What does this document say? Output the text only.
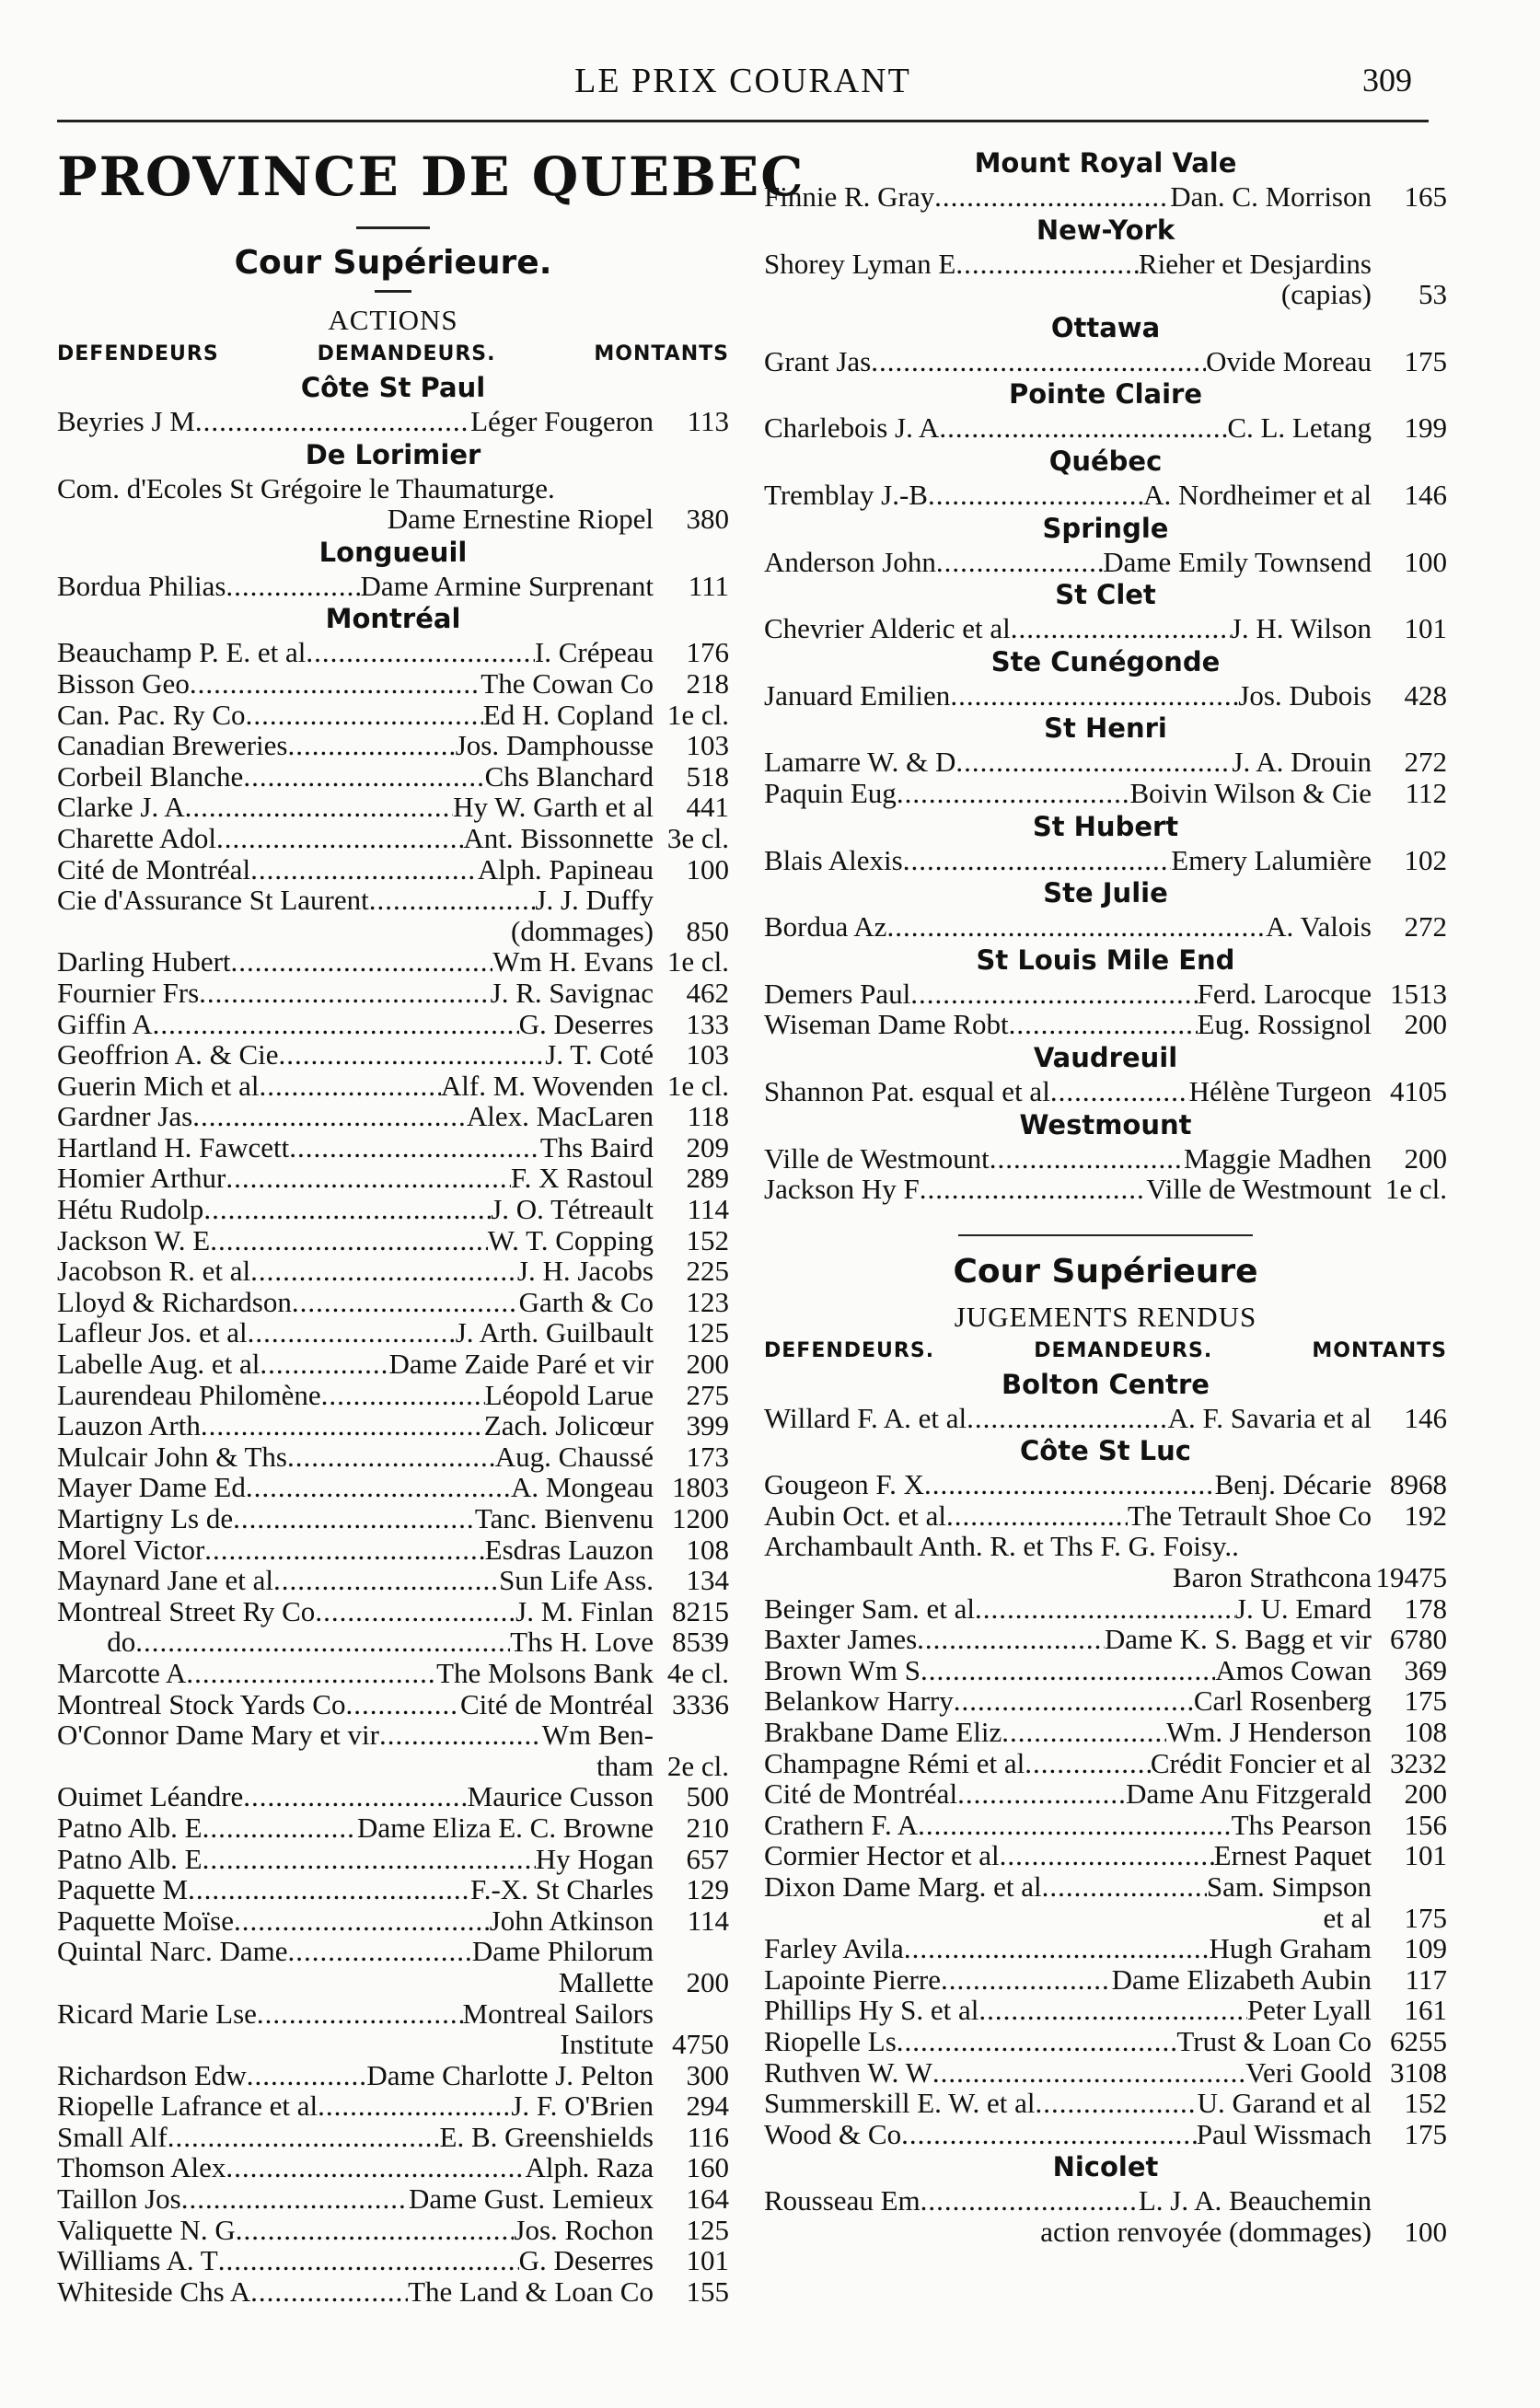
LE PRIX COURANT	309
PROVINCE DE QUEBEC
Cour Supérieure.
ACTIONS
DEFENDEURS	DEMANDEURS.	MONTANTS
Côte St Paul
Beyries J M .....	Léger Fougeron	113
De Lorimier
Com. d'Ecoles St Grégoire le Thaumaturge.
Dame Ernestine Riopel	380
Longueuil
Bordua Philias .....	Dame Armine Surprenant	111
Montréal
Beauchamp P. E. et al .....	I. Crépeau	176
Bisson Geo .....	The Cowan Co	218
Can. Pac. Ry Co .....	Ed H. Copland 1e cl.
Canadian Breweries .....	Jos. Damphousse	103
Corbeil Blanche .....	Chs Blanchard	518
Clarke J. A .....	Hy W. Garth et al	441
Charette Adol .....	Ant. Bissonnette 3e cl.
Cité de Montréal .....	Alph. Papineau	100
Cie d'Assurance St Laurent .....	J. J. Duffy
(dommages)	850
Darling Hubert .....	Wm H. Evans 1e cl.
Fournier Frs .....	J. R. Savignac	462
Giffin A .....	G. Deserres	133
Geoffrion A. & Cie .....	J. T. Coté	103
Guerin Mich et al .....	Alf. M. Wovenden 1e cl.
Gardner Jas .....	Alex. MacLaren	118
Hartland H. Fawcett .....	Ths Baird	209
Homier Arthur .....	F. X Rastoul	289
Hétu Rudolp .....	J. O. Tétreault	114
Jackson W. E .....	W. T. Copping	152
Jacobson R. et al .....	J. H. Jacobs	225
Lloyd & Richardson .....	Garth & Co	123
Lafleur Jos. et al .....	J. Arth. Guilbault	125
Labelle Aug. et al .....	Dame Zaide Paré et vir	200
Laurendeau Philomène .....	Léopold Larue	275
Lauzon Arth .....	Zach. Jolicœur	399
Mulcair John & Ths .....	Aug. Chaussé	173
Mayer Dame Ed .....	A. Mongeau 1803
Martigny Ls de .....	Tanc. Bienvenu 1200
Morel Victor .....	Esdras Lauzon	108
Maynard Jane et al .....	Sun Life Ass.	134
Montreal Street Ry Co .....	J. M. Finlan 8215
do .....	Ths H. Love 8539
Marcotte A .....	The Molsons Bank 4e cl.
Montreal Stock Yards Co .....	Cité de Montréal 3336
O'Connor Dame Mary et vir .....	Wm Ben-
tham 2e cl.
Ouimet Léandre .....	Maurice Cusson	500
Patno Alb. E .....	Dame Eliza E. C. Browne	210
Patno Alb. E .....	Hy Hogan	657
Paquette M .....	F.-X. St Charles	129
Paquette Moïse .....	John Atkinson	114
Quintal Narc. Dame .....	Dame Philorum
Mallette	200
Ricard Marie Lse .....	Montreal Sailors
Institute 4750
Richardson Edw .....	Dame Charlotte J. Pelton	300
Riopelle Lafrance et al .....	J. F. O'Brien	294
Small Alf .....	E. B. Greenshields	116
Thomson Alex .....	Alph. Raza	160
Taillon Jos .....	Dame Gust. Lemieux	164
Valiquette N. G .....	Jos. Rochon	125
Williams A. T .....	G. Deserres	101
Whiteside Chs A .....	The Land & Loan Co	155
Mount Royal Vale
Finnie R. Gray .....	Dan. C. Morrison	165
New-York
Shorey Lyman E .....	Rieher et Desjardins
(capias)	53
Ottawa
Grant Jas .....	Ovide Moreau	175
Pointe Claire
Charlebois J. A .....	C. L. Letang	199
Québec
Tremblay J.-B .....	A. Nordheimer et al	146
Springle
Anderson John .....	Dame Emily Townsend	100
St Clet
Chevrier Alderic et al .....	J. H. Wilson	101
Ste Cunégonde
Januard Emilien .....	Jos. Dubois	428
St Henri
Lamarre W. & D .....	J. A. Drouin	272
Paquin Eug .....	Boivin Wilson & Cie	112
St Hubert
Blais Alexis .....	Emery Lalumière	102
Ste Julie
Bordua Az .....	A. Valois	272
St Louis Mile End
Demers Paul .....	Ferd. Larocque 1513
Wiseman Dame Robt .....	Eug. Rossignol	200
Vaudreuil
Shannon Pat. esqual et al .....	Hélène Turgeon 4105
Westmount
Ville de Westmount .....	Maggie Madhen	200
Jackson Hy F .....	Ville de Westmount 1e cl.
Cour Supérieure
JUGEMENTS RENDUS
DEFENDEURS.	DEMANDEURS.	MONTANTS
Bolton Centre
Willard F. A. et al .....	A. F. Savaria et al	146
Côte St Luc
Gougeon F. X .....	Benj. Décarie 8968
Aubin Oct. et al .....	The Tetrault Shoe Co	192
Archambault Anth. R. et Ths F. G. Foisy..
Baron Strathcona 19475
Beinger Sam. et al .....	J. U. Emard	178
Baxter James .....	Dame K. S. Bagg et vir 6780
Brown Wm S .....	Amos Cowan	369
Belankow Harry .....	Carl Rosenberg	175
Brakbane Dame Eliz .....	Wm. J Henderson	108
Champagne Rémi et al .....	Crédit Foncier et al 3232
Cité de Montréal .....	Dame Anu Fitzgerald	200
Crathern F. A .....	Ths Pearson	156
Cormier Hector et al .....	Ernest Paquet	101
Dixon Dame Marg. et al .....	Sam. Simpson
et al	175
Farley Avila .....	Hugh Graham	109
Lapointe Pierre .....	Dame Elizabeth Aubin	117
Phillips Hy S. et al .....	Peter Lyall	161
Riopelle Ls .....	Trust & Loan Co 6255
Ruthven W. W .....	Veri Goold 3108
Summerskill E. W. et al .....	U. Garand et al	152
Wood & Co .....	Paul Wissmach	175
Nicolet
Rousseau Em .....	L. J. A. Beauchemin
action renvoyée (dommages)	100
